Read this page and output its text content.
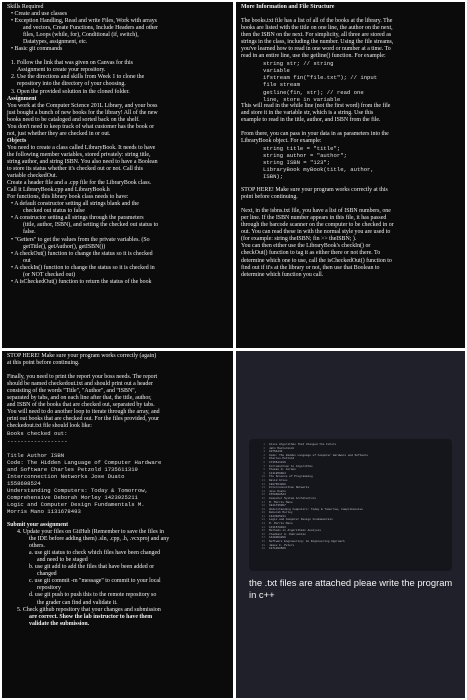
Skills Required
• Create and use classes
• Exception Handling, Read and write Files, Work with arrays
and vectors, Create Functions, Include Headers and other
files, Loops (while, for), Conditional (if, switch),
Datatypes, assignment, etc.
• Basic git commands
1. Follow the link that was given on Canvas for this
Assignment to create your repository.
2. Use the directions and skills from Week 1 to clone the
repository into the directory of your choosing.
3. Open the provided solution in the cloned folder.
Assignment
You work at the Computer Science 201L Library, and your boss
just bought a bunch of new books for the library! All of the new
books need to be cataloged and sorted back on the shelf.
You don't need to keep track of what customer has the book or
not, just whether they are checked in or out.
Objects
You need to create a class called LibraryBook. It needs to have
the following member variables, stored privately: string title,
string author, and string ISBN. You also need to have a Boolean
to store its status whether it's checked out or not. Call this
variable checkedOut.
Create a header file and a .cpp file for the LibraryBook class.
Call it LibraryBook.cpp and LibraryBook.h
For functions, this library book class needs to have:
• A default constructor setting all strings blank and the
checked out status to false
• A constructor setting all strings through the parameters
(title, author, ISBN), and setting the checked out status to
false.
• "Getters" to get the values from the private variables. (So
getTitle(), getAuthor(), getISBN())
• A checkOut() function to change the status so it is checked
out
• A checkIn() function to change the status so it is checked in
(or NOT checked out)
• A isCheckedOut() function to return the status of the book
More Information and File Structure
The books.txt file has a list of all of the books at the library. The
books are listed with the title on one line, the author on the next,
then the ISBN on the next. For simplicity, all three are stored as
strings in the class, including the number. Using the file streams,
you've learned how to read in one word or number at a time. To
read in an entire line, use the getline() function. For example:
string str; // string
variable
ifstream fin("file.txt"); // input
file stream
getline(fin, str); // read one
line, store in variable
This will read in the while line (not the first word) from the file
and store it in the variable str, which is a string. Use this
example to read in the title, author, and ISBN from the file.
From there, you can pass in your data in as parameters into the
LibraryBook object. For example:
string title = "title";
string author = "author";
string ISBN = "123";
LibraryBook myBook(title, author,
ISBN);
STOP HERE! Make sure your program works correctly at this
point before continuing.
Next, in the isbns.txt file, you have a list of ISBN numbers, one
per line. If the ISBN number appears in this file, it has passed
through the barcode scanner on the computer to be checked in or
out. You can read these in with the normal style you are used to
(for example: string theISBN; fin >> theISBN; ).
You can then either use the LibraryBook's checkIn() or
checkOut() function to tag it as either there or not there. To
determine which one to use, call the isCheckedOut() function to
find out if it's at the library or not, then use that Boolean to
determine which function you call.
STOP HERE! Make sure your program works correctly (again)
at this point before continuing.
Finally, you need to print the report your boss needs. The report
should be named checkedout.txt and should print out a header
consisting of the words "Title", "Author", and "ISBN",
separated by tabs, and on each line after that, the title, author,
and ISBN of the books that are checked out, separated by tabs.
You will need to do another loop to iterate through the array, and
print out books that are checked out. For the files provided, your
checkedout.txt file should look like:
Books checked out:
------------------
Title Author ISBN
Code: The Hidden Language of Computer Hardware
and Software Charles Petzold 1735611319
Interconnection Networks Jose Duato
1558608524
Understanding Computers: Today & Tomorrow,
Comprehensive Deborah Morley 1423925211
Logic and Computer Design Fundamentals M.
Morris Mano 1131678493
Submit your assignment
4. Update your files on GitHub (Remember to save the files in
the IDE before adding them) .sln, .cpp, .h, .vcxproj and any
others.
a. use git status to check which files have been changed
and need to be staged
b. use git add to add the files that have been added or
changed
c. use git commit -m "message" to commit to your local
repository
d. use git push to push this to the remote repository so
the grader can find and validate it.
5. Check github repository that your changes and submission
are correct. Show the lab instructor to have them
validate the submission.
1 Alive Algorithms that Changed the Future
2 Jahn Mactormick
3 CHTS1234
4 Code: The Hidden Language of Computer Hardware and Software
5 Charles Petzold
6 1735611319
7 Introduction to Algorithms
8 Thomas H. Cormen
9 1141859984
10 The Science of Programming
11 David Gries
12 1987654388
13 Interconnection Networks
14 Jose Duato
15 1558608524
16 Computer System Architecture
17 M. Morris Mano
18 1911735067
19 Understanding Computers: Today & Tomorrow, Comprehensive
20 Deborah Morley
21 1423925211
22 Logic and Computer Design Fundamentals
23 M. Morris Mano
24 1131678493
25 Methods in Algorithmic Analysis
26 Vladimir A. Dobrushkin
27 1420068296
28 Software Engineering: An Engineering Approach
29 James F. Peters
30 1471208569
the .txt files are attached pleae write the program in c++
